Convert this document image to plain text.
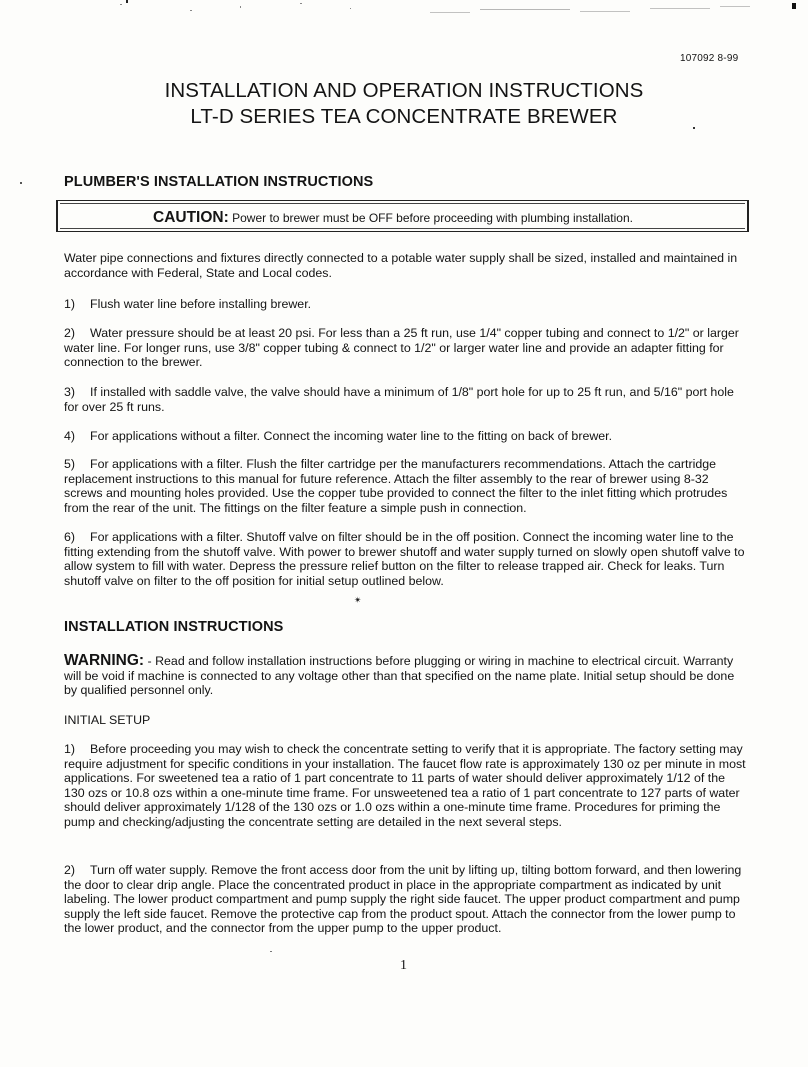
107092 8-99
INSTALLATION AND OPERATION INSTRUCTIONS
LT-D SERIES TEA CONCENTRATE BREWER
PLUMBER'S INSTALLATION INSTRUCTIONS
CAUTION: Power to brewer must be OFF before proceeding with plumbing installation.
Water pipe connections and fixtures directly connected to a potable water supply shall be sized, installed and maintained in accordance with Federal, State and Local codes.
1) Flush water line before installing brewer.
2) Water pressure should be at least 20 psi. For less than a 25 ft run, use 1/4" copper tubing and connect to 1/2" or larger water line. For longer runs, use 3/8" copper tubing & connect to 1/2" or larger water line and provide an adapter fitting for connection to the brewer.
3) If installed with saddle valve, the valve should have a minimum of 1/8" port hole for up to 25 ft run, and 5/16" port hole for over 25 ft runs.
4) For applications without a filter. Connect the incoming water line to the fitting on back of brewer.
5) For applications with a filter. Flush the filter cartridge per the manufacturers recommendations. Attach the cartridge replacement instructions to this manual for future reference. Attach the filter assembly to the rear of brewer using 8-32 screws and mounting holes provided. Use the copper tube provided to connect the filter to the inlet fitting which protrudes from the rear of the unit. The fittings on the filter feature a simple push in connection.
6) For applications with a filter. Shutoff valve on filter should be in the off position. Connect the incoming water line to the fitting extending from the shutoff valve. With power to brewer shutoff and water supply turned on slowly open shutoff valve to allow system to fill with water. Depress the pressure relief button on the filter to release trapped air. Check for leaks. Turn shutoff valve on filter to the off position for initial setup outlined below.
✴
INSTALLATION INSTRUCTIONS
WARNING: - Read and follow installation instructions before plugging or wiring in machine to electrical circuit. Warranty will be void if machine is connected to any voltage other than that specified on the name plate. Initial setup should be done by qualified personnel only.
INITIAL SETUP
1) Before proceeding you may wish to check the concentrate setting to verify that it is appropriate. The factory setting may require adjustment for specific conditions in your installation. The faucet flow rate is approximately 130 oz per minute in most applications. For sweetened tea a ratio of 1 part concentrate to 11 parts of water should deliver approximately 1/12 of the 130 ozs or 10.8 ozs within a one-minute time frame. For unsweetened tea a ratio of 1 part concentrate to 127 parts of water should deliver approximately 1/128 of the 130 ozs or 1.0 ozs within a one-minute time frame. Procedures for priming the pump and checking/adjusting the concentrate setting are detailed in the next several steps.
2) Turn off water supply. Remove the front access door from the unit by lifting up, tilting bottom forward, and then lowering the door to clear drip angle. Place the concentrated product in place in the appropriate compartment as indicated by unit labeling. The lower product compartment and pump supply the right side faucet. The upper product compartment and pump supply the left side faucet. Remove the protective cap from the product spout. Attach the connector from the lower pump to the lower product, and the connector from the upper pump to the upper product.
1
